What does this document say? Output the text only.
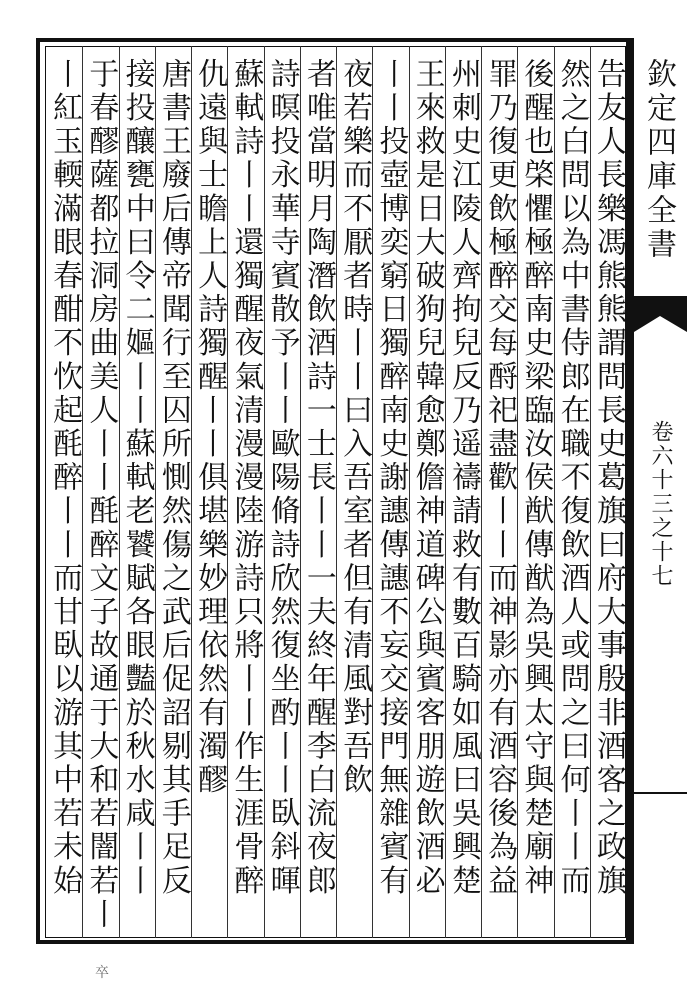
告友人長樂馮熊熊謂問長史葛旗曰府大事殷非酒客之政旗
然之白問以為中書侍郎在職不復飲酒人或問之曰何丨丨而
後醒也棨懼極醉南史梁臨汝侯猷傳猷為吳興太守與楚廟神
罪乃復更飲極醉交每酹祀盡歡丨丨而神影亦有酒容後為益
州刺史江陵人齊拘兒反乃遥禱請救有數百騎如風曰吳興楚
王來救是日大破狗兒韓愈鄭儋神道碑公與賓客朋遊飲酒必
丨丨投壺博奕窮日獨醉南史謝譓傳譓不妄交接門無雜賓有
夜若樂而不厭者時丨丨曰入吾室者但有清風對吾飲
者唯當明月陶潛飲酒詩一士長丨丨一夫終年醒李白流夜郎
詩暝投永華寺賓散予丨丨歐陽脩詩欣然復坐酌丨丨臥斜暉
蘇軾詩丨丨還獨醒夜氣清漫漫陸游詩只將丨丨作生涯骨醉
仇遠與士瞻上人詩獨醒丨丨俱堪樂妙理依然有濁醪
唐書王廢后傳帝聞行至囚所惻然傷之武后促詔剔其手足反
接投釀甕中曰令二嫗丨丨蘇軾老饕賦各眼豔於秋水咸丨丨
于春醪薩都拉洞房曲美人丨丨酕醉文子故通于大和若闇若丨
丨紅玉輭滿眼春酣不忺起酕醉丨丨而甘臥以游其中若未始	欽定四庫全書
卷六十三之十七
卒
